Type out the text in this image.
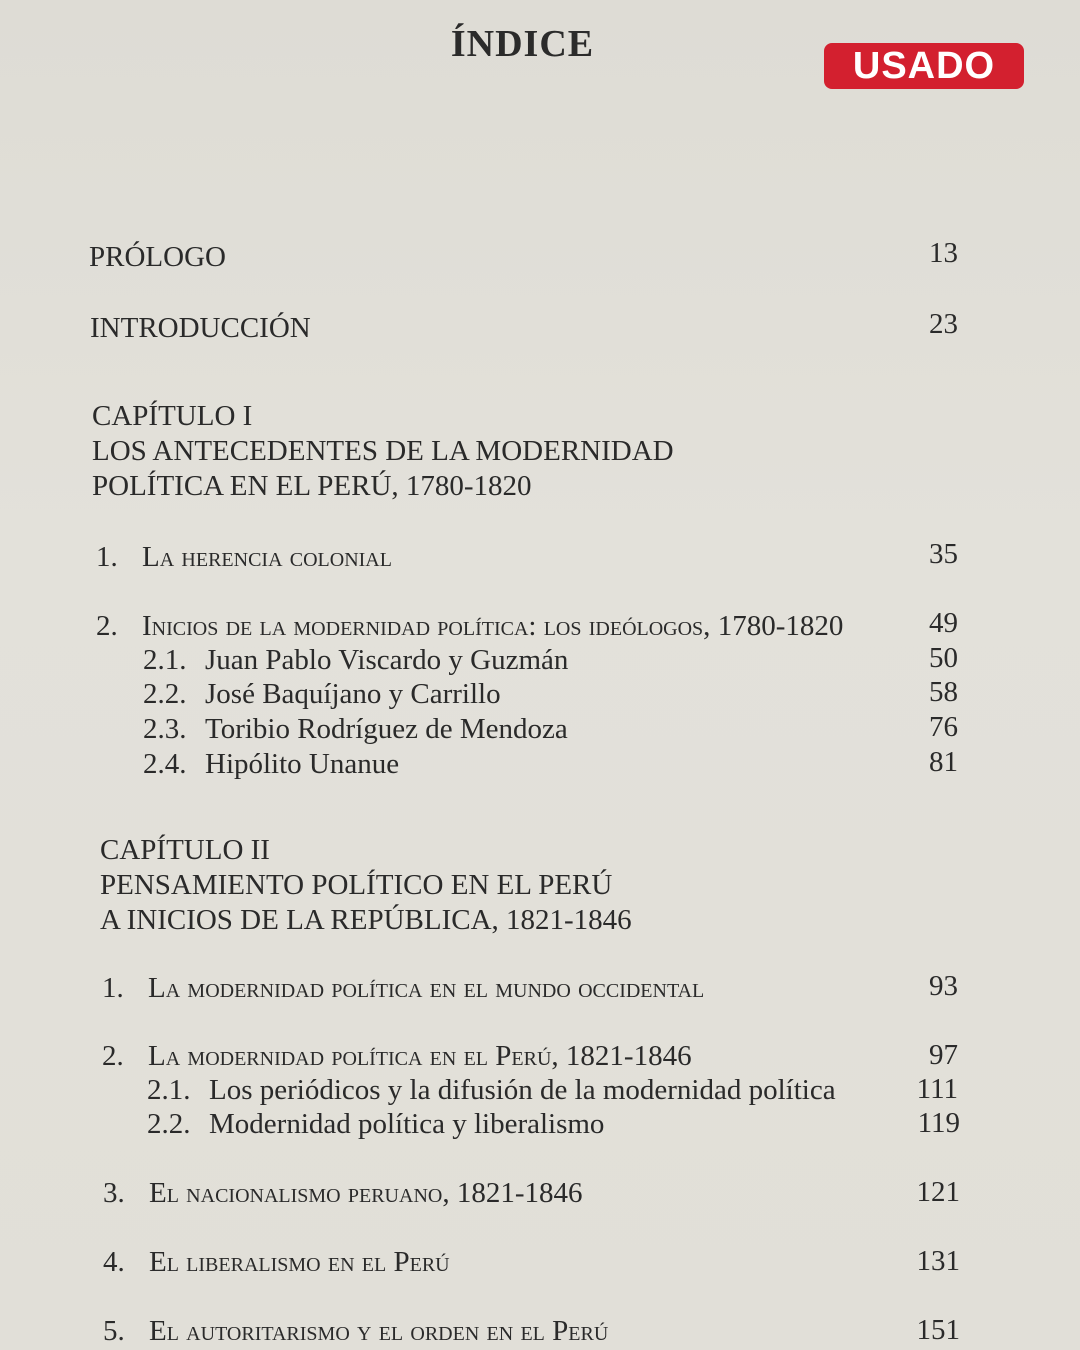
ÍNDICE
USADO
PRÓLOGO	13
INTRODUCCIÓN	23
CAPÍTULO I
LOS ANTECEDENTES DE LA MODERNIDAD
POLÍTICA EN EL PERÚ, 1780-1820
1. La herencia colonial	35
2. Inicios de la modernidad política: los ideólogos, 1780-1820	49
2.1. Juan Pablo Viscardo y Guzmán	50
2.2. José Baquíjano y Carrillo	58
2.3. Toribio Rodríguez de Mendoza	76
2.4. Hipólito Unanue	81
CAPÍTULO II
PENSAMIENTO POLÍTICO EN EL PERÚ
A INICIOS DE LA REPÚBLICA, 1821-1846
1. La modernidad política en el mundo occidental	93
2. La modernidad política en el Perú, 1821-1846	97
2.1. Los periódicos y la difusión de la modernidad política	111
2.2. Modernidad política y liberalismo	119
3. El nacionalismo peruano, 1821-1846	121
4. El liberalismo en el Perú	131
5. El autoritarismo y el orden en el Perú	151
